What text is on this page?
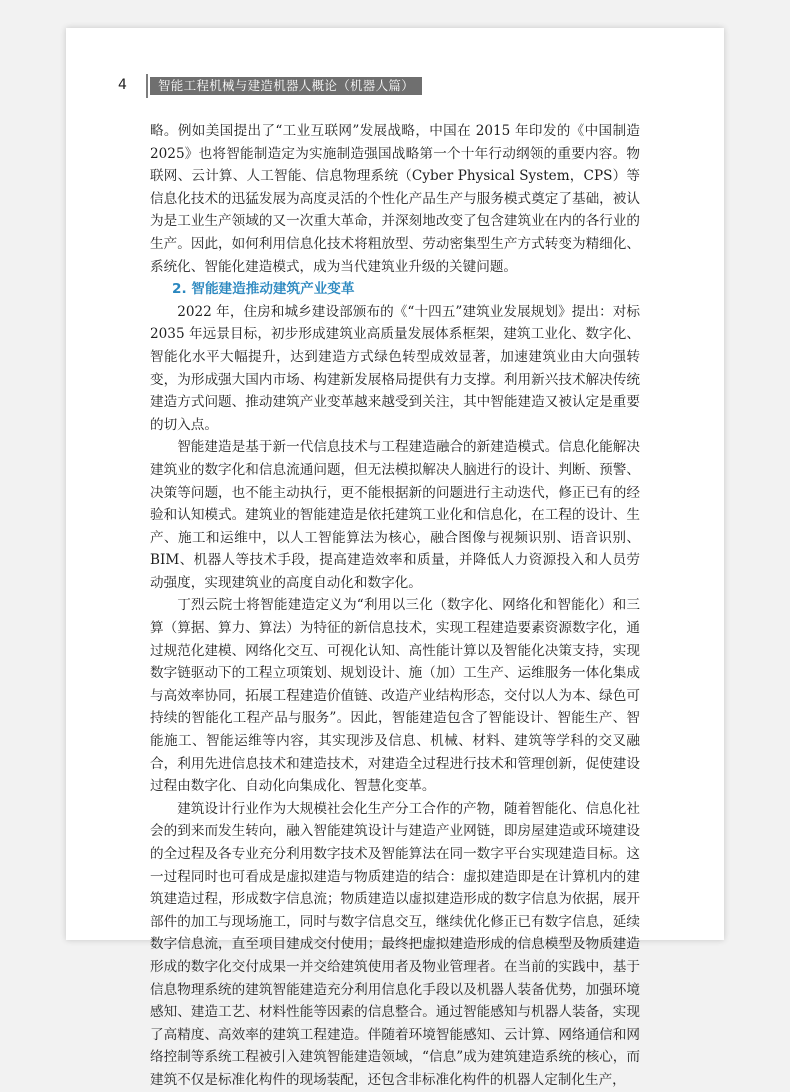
4	智能工程机械与建造机器人概论（机器人篇）

略。例如美国提出了“工业互联网”发展战略，中国在 2015 年印发的《中国制造 2025》也将智能制造定为实施制造强国战略第一个十年行动纲领的重要内容。物联网、云计算、人工智能、信息物理系统（Cyber Physical System，CPS）等信息化技术的迅猛发展为高度灵活的个性化产品生产与服务模式奠定了基础，被认为是工业生产领域的又一次重大革命，并深刻地改变了包含建筑业在内的各行业的生产。因此，如何利用信息化技术将粗放型、劳动密集型生产方式转变为精细化、系统化、智能化建造模式，成为当代建筑业升级的关键问题。

2. 智能建造推动建筑产业变革

2022 年，住房和城乡建设部颁布的《“十四五”建筑业发展规划》提出：对标 2035 年远景目标，初步形成建筑业高质量发展体系框架，建筑工业化、数字化、智能化水平大幅提升，达到建造方式绿色转型成效显著，加速建筑业由大向强转变，为形成强大国内市场、构建新发展格局提供有力支撑。利用新兴技术解决传统建造方式问题、推动建筑产业变革越来越受到关注，其中智能建造又被认定是重要的切入点。

智能建造是基于新一代信息技术与工程建造融合的新建造模式。信息化能解决建筑业的数字化和信息流通问题，但无法模拟解决人脑进行的设计、判断、预警、决策等问题，也不能主动执行，更不能根据新的问题进行主动迭代，修正已有的经验和认知模式。建筑业的智能建造是依托建筑工业化和信息化，在工程的设计、生产、施工和运维中，以人工智能算法为核心，融合图像与视频识别、语音识别、BIM、机器人等技术手段，提高建造效率和质量，并降低人力资源投入和人员劳动强度，实现建筑业的高度自动化和数字化。

丁烈云院士将智能建造定义为“利用以三化（数字化、网络化和智能化）和三算（算据、算力、算法）为特征的新信息技术，实现工程建造要素资源数字化，通过规范化建模、网络化交互、可视化认知、高性能计算以及智能化决策支持，实现数字链驱动下的工程立项策划、规划设计、施（加）工生产、运维服务一体化集成与高效率协同，拓展工程建造价值链、改造产业结构形态，交付以人为本、绿色可持续的智能化工程产品与服务”。因此，智能建造包含了智能设计、智能生产、智能施工、智能运维等内容，其实现涉及信息、机械、材料、建筑等学科的交叉融合，利用先进信息技术和建造技术，对建造全过程进行技术和管理创新，促使建设过程由数字化、自动化向集成化、智慧化变革。

建筑设计行业作为大规模社会化生产分工合作的产物，随着智能化、信息化社会的到来而发生转向，融入智能建筑设计与建造产业网链，即房屋建造或环境建设的全过程及各专业充分利用数字技术及智能算法在同一数字平台实现建造目标。这一过程同时也可看成是虚拟建造与物质建造的结合：虚拟建造即是在计算机内的建筑建造过程，形成数字信息流；物质建造以虚拟建造形成的数字信息为依据，展开部件的加工与现场施工，同时与数字信息交互，继续优化修正已有数字信息，延续数字信息流，直至项目建成交付使用；最终把虚拟建造形成的信息模型及物质建造形成的数字化交付成果一并交给建筑使用者及物业管理者。在当前的实践中，基于信息物理系统的建筑智能建造充分利用信息化手段以及机器人装备优势，加强环境感知、建造工艺、材料性能等因素的信息整合。通过智能感知与机器人装备，实现了高精度、高效率的建筑工程建造。伴随着环境智能感知、云计算、网络通信和网络控制等系统工程被引入建筑智能建造领域，“信息”成为建筑建造系统的核心，而建筑不仅是标准化构件的现场装配，还包含非标准化构件的机器人定制化生产，
